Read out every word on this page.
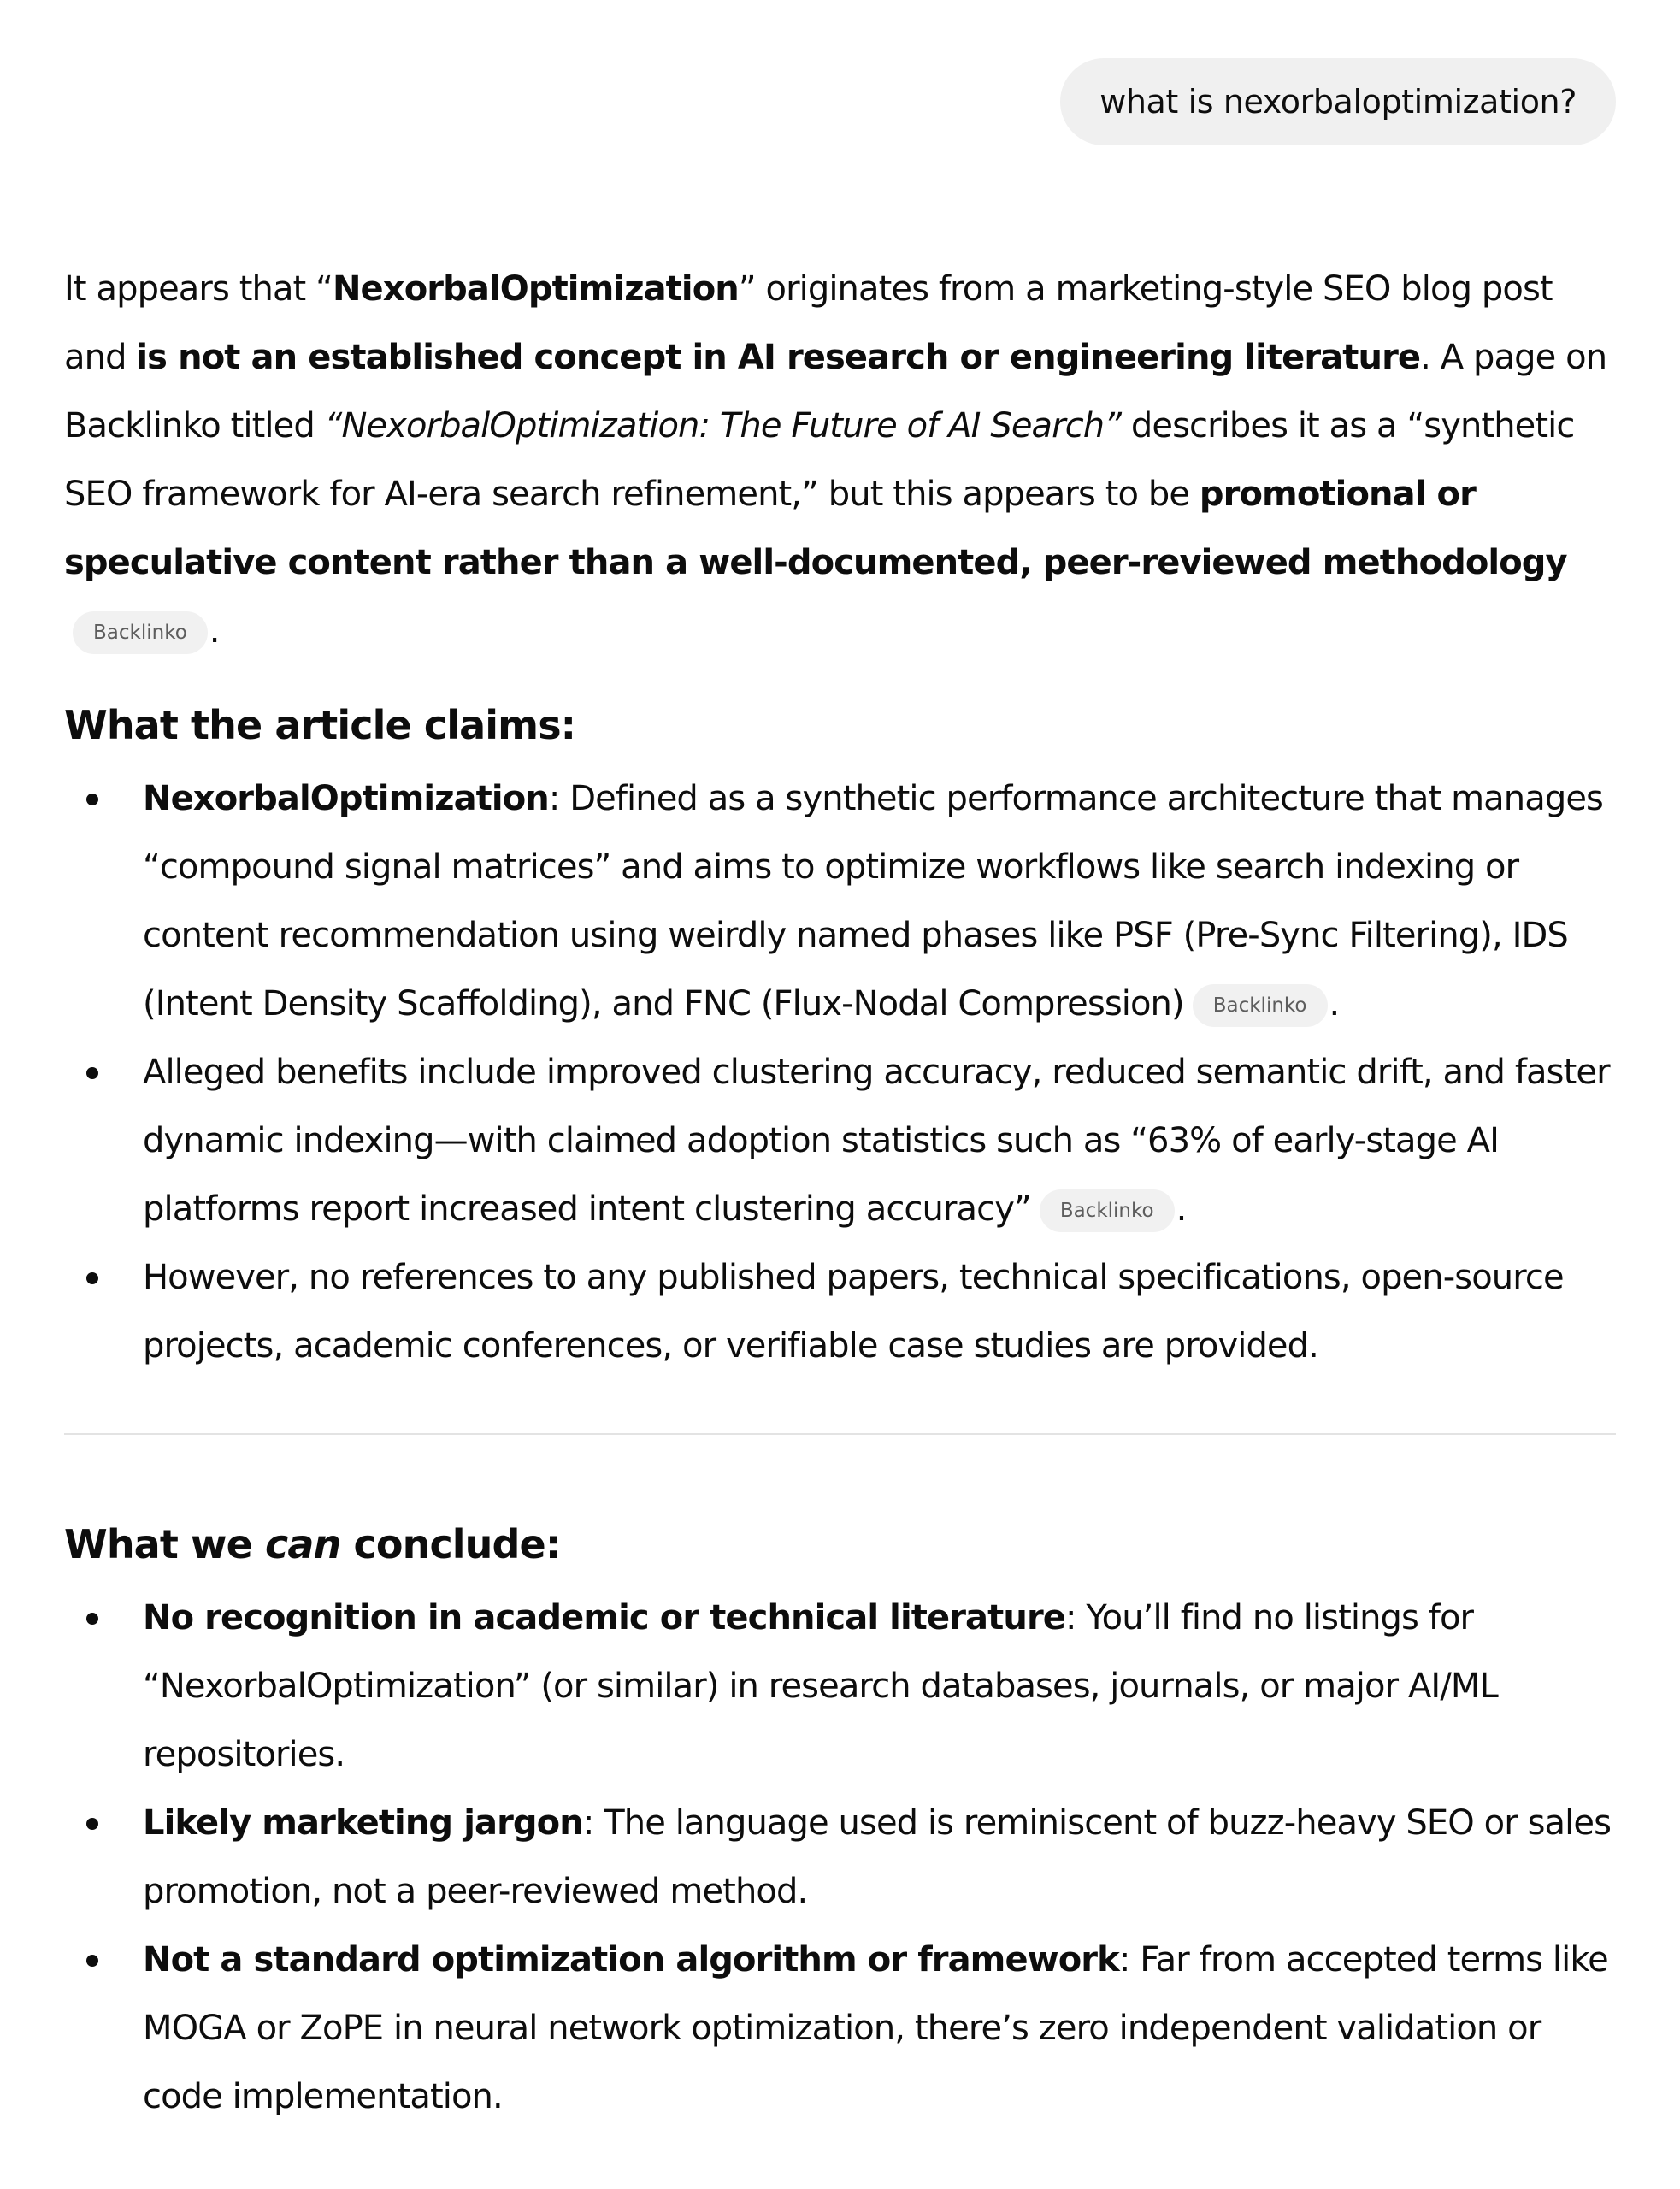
what is nexorbaloptimization?

It appears that “NexorbalOptimization” originates from a marketing-style SEO blog post and is not an established concept in AI research or engineering literature. A page on Backlinko titled “NexorbalOptimization: The Future of AI Search” describes it as a “synthetic SEO framework for AI-era search refinement,” but this appears to be promotional or speculative content rather than a well-documented, peer-reviewed methodology
Backlinko .

What the article claims:
NexorbalOptimization: Defined as a synthetic performance architecture that manages “compound signal matrices” and aims to optimize workflows like search indexing or content recommendation using weirdly named phases like PSF (Pre-Sync Filtering), IDS (Intent Density Scaffolding), and FNC (Flux-Nodal Compression) Backlinko .
Alleged benefits include improved clustering accuracy, reduced semantic drift, and faster dynamic indexing—with claimed adoption statistics such as “63% of early-stage AI platforms report increased intent clustering accuracy” Backlinko .
However, no references to any published papers, technical specifications, open-source projects, academic conferences, or verifiable case studies are provided.
What we can conclude:
No recognition in academic or technical literature: You’ll find no listings for “NexorbalOptimization” (or similar) in research databases, journals, or major AI/ML repositories.
Likely marketing jargon: The language used is reminiscent of buzz-heavy SEO or sales promotion, not a peer-reviewed method.
Not a standard optimization algorithm or framework: Far from accepted terms like MOGA or ZoPE in neural network optimization, there’s zero independent validation or code implementation.
